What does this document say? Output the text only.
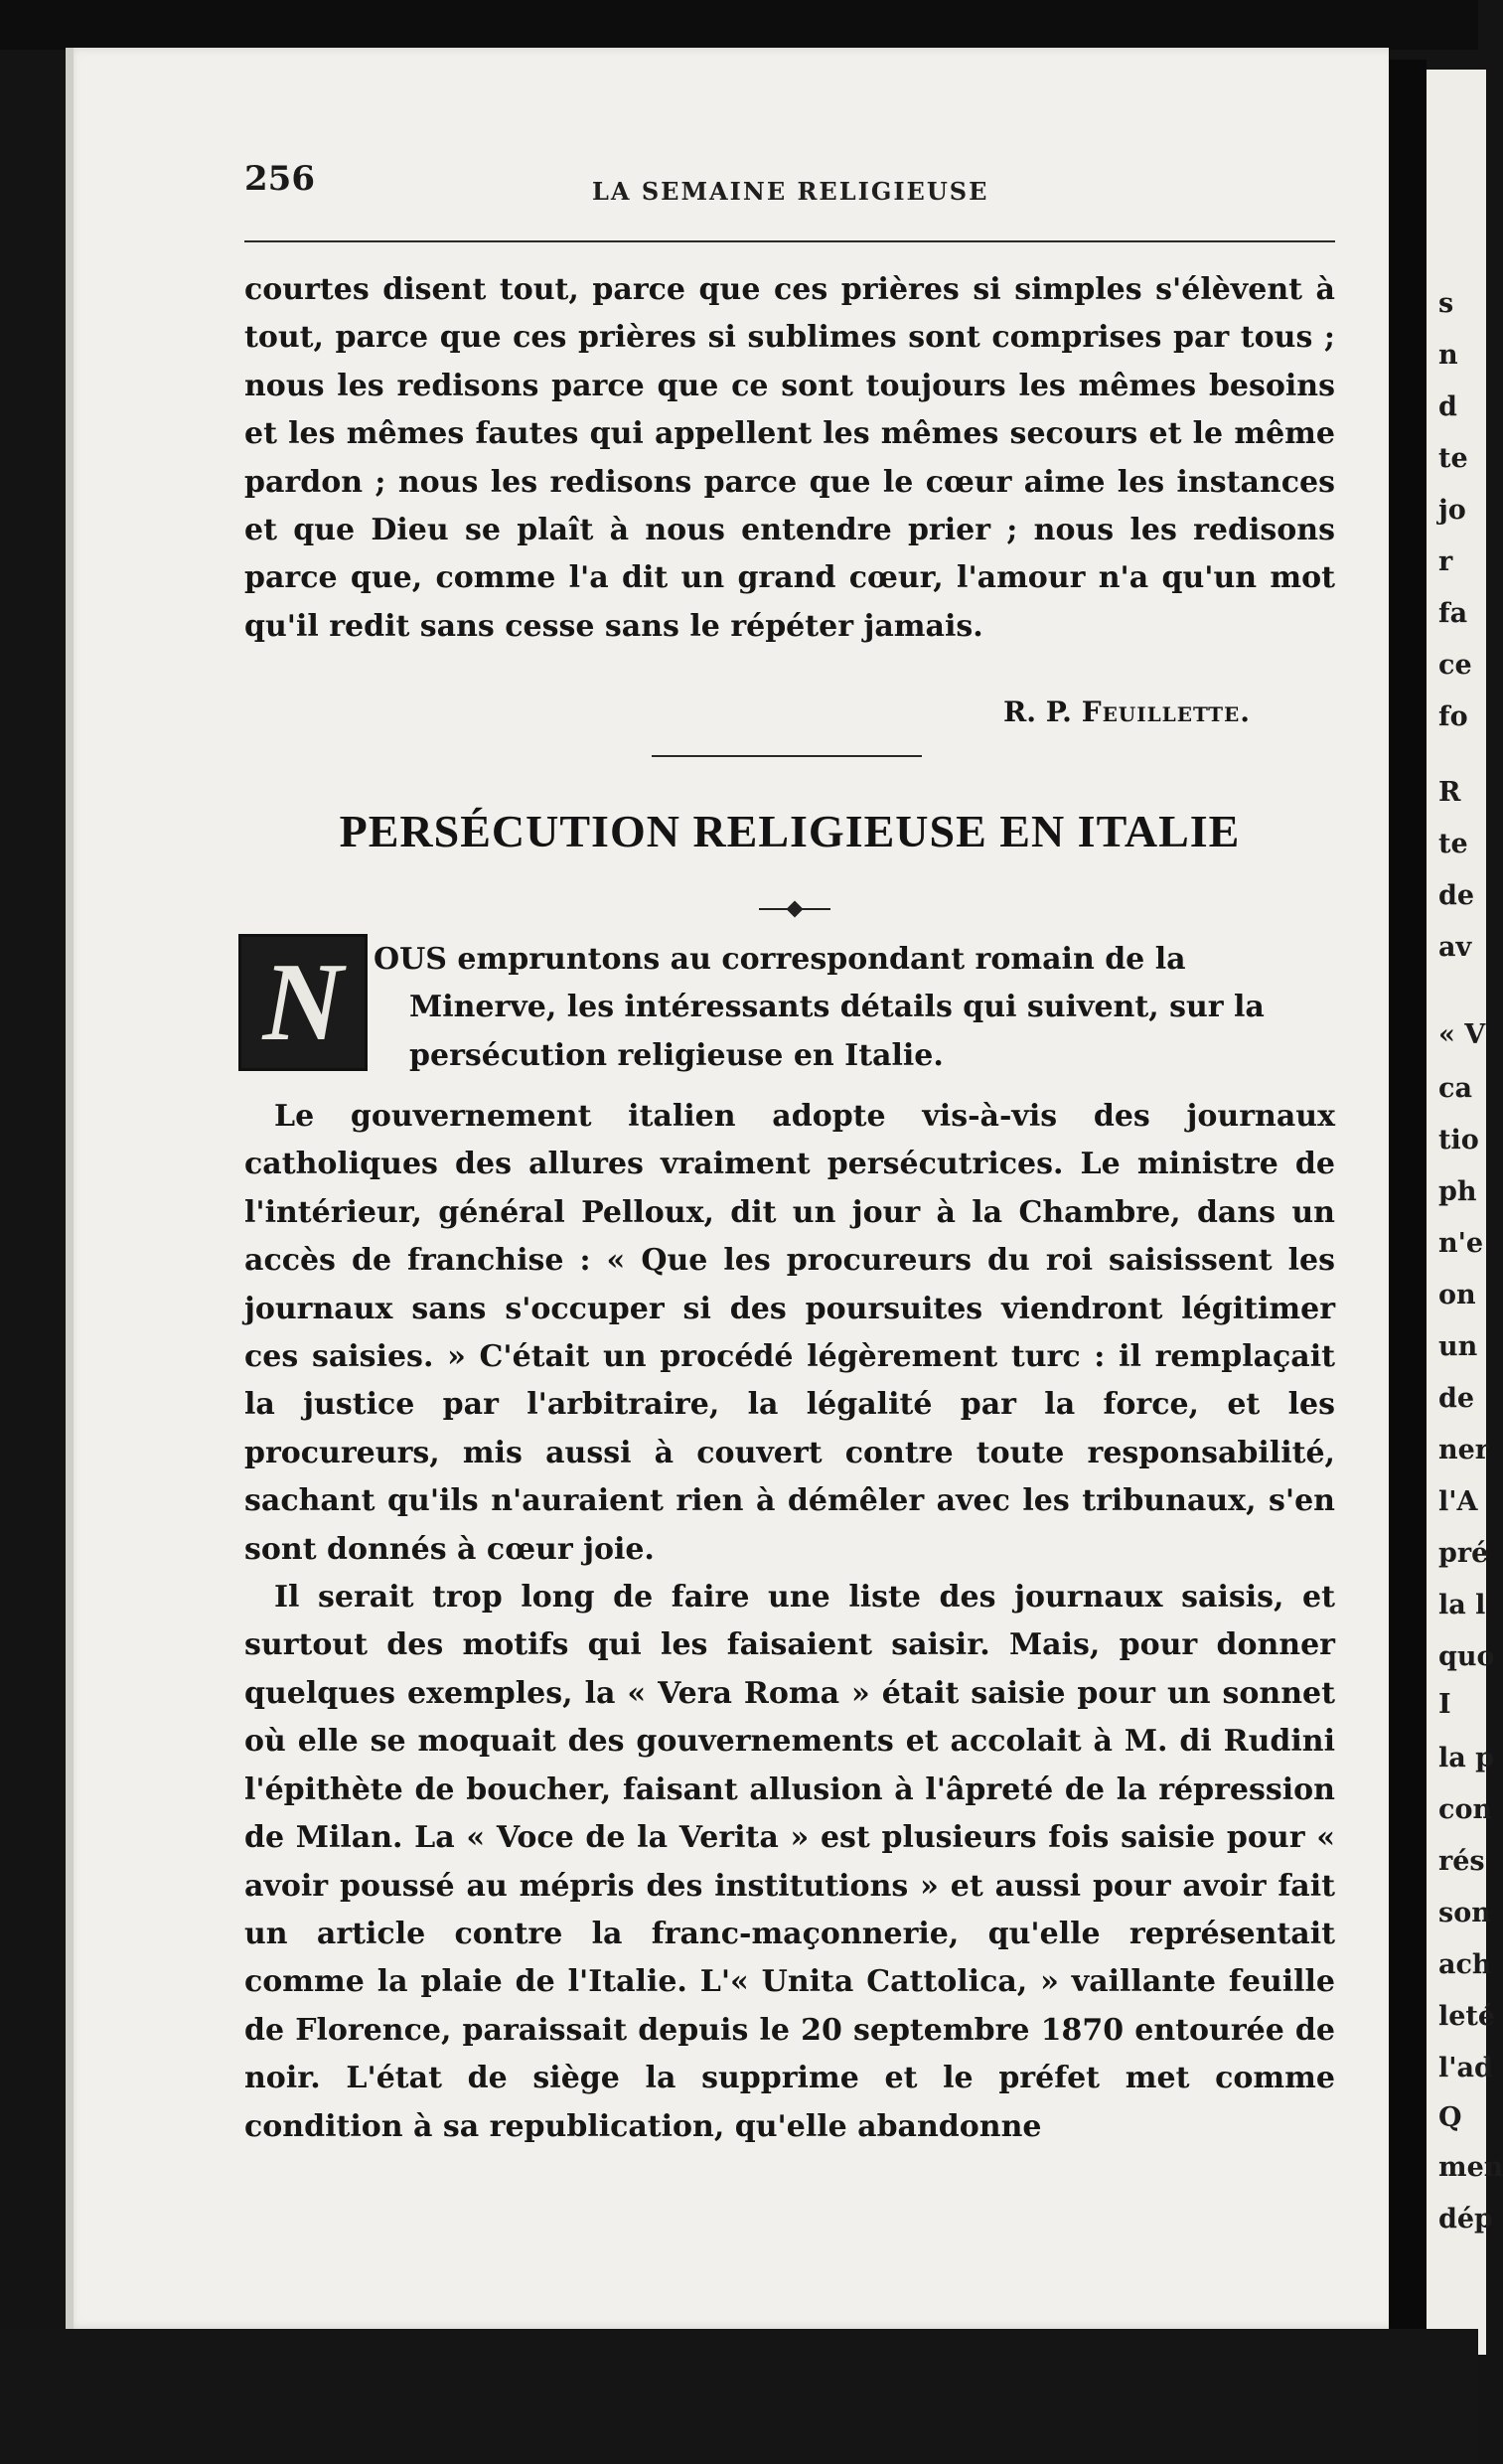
s
n
d
te
jo
r
fa
ce
fo
R
te
de
av
« V
ca
tio
ph
n'e
on
un
de
ner
l'A
pré
la l
quo
I
la p
con
rés
son
ach
leté
l'ad
Q
men
dép
256	LA SEMAINE RELIGIEUSE

courtes disent tout, parce que ces prières si simples s'élèvent à tout, parce que ces prières si sublimes sont comprises par tous ; nous les redisons parce que ce sont toujours les mêmes besoins et les mêmes fautes qui appellent les mêmes secours et le même pardon ; nous les redisons parce que le cœur aime les instances et que Dieu se plaît à nous entendre prier ; nous les redisons parce que, comme l'a dit un grand cœur, l'amour n'a qu'un mot qu'il redit sans cesse sans le répéter jamais.

R. P. Feuillette.
PERSÉCUTION RELIGIEUSE EN ITALIE
N	OUS empruntons au correspondant romain de la

Minerve, les intéressants détails qui suivent, sur la

persécution religieuse en Italie.

Le gouvernement italien adopte vis-à-vis des journaux catholiques des allures vraiment persécutrices. Le ministre de l'intérieur, général Pelloux, dit un jour à la Chambre, dans un accès de franchise : « Que les procureurs du roi saisissent les journaux sans s'occuper si des poursuites viendront légitimer ces saisies. » C'était un procédé légèrement turc : il remplaçait la justice par l'arbitraire, la légalité par la force, et les procureurs, mis aussi à couvert contre toute responsabilité, sachant qu'ils n'auraient rien à démêler avec les tribunaux, s'en sont donnés à cœur joie.

Il serait trop long de faire une liste des journaux saisis, et surtout des motifs qui les faisaient saisir. Mais, pour donner quelques exemples, la « Vera Roma » était saisie pour un sonnet où elle se moquait des gouvernements et accolait à M. di Rudini l'épithète de boucher, faisant allusion à l'âpreté de la répression de Milan. La « Voce de la Verita » est plusieurs fois saisie pour « avoir poussé au mépris des institutions » et aussi pour avoir fait un article contre la franc-maçonnerie, qu'elle représentait comme la plaie de l'Italie. L'« Unita Cattolica, » vaillante feuille de Florence, paraissait depuis le 20 septembre 1870 entourée de noir. L'état de siège la supprime et le préfet met comme condition à sa republication, qu'elle abandonne
